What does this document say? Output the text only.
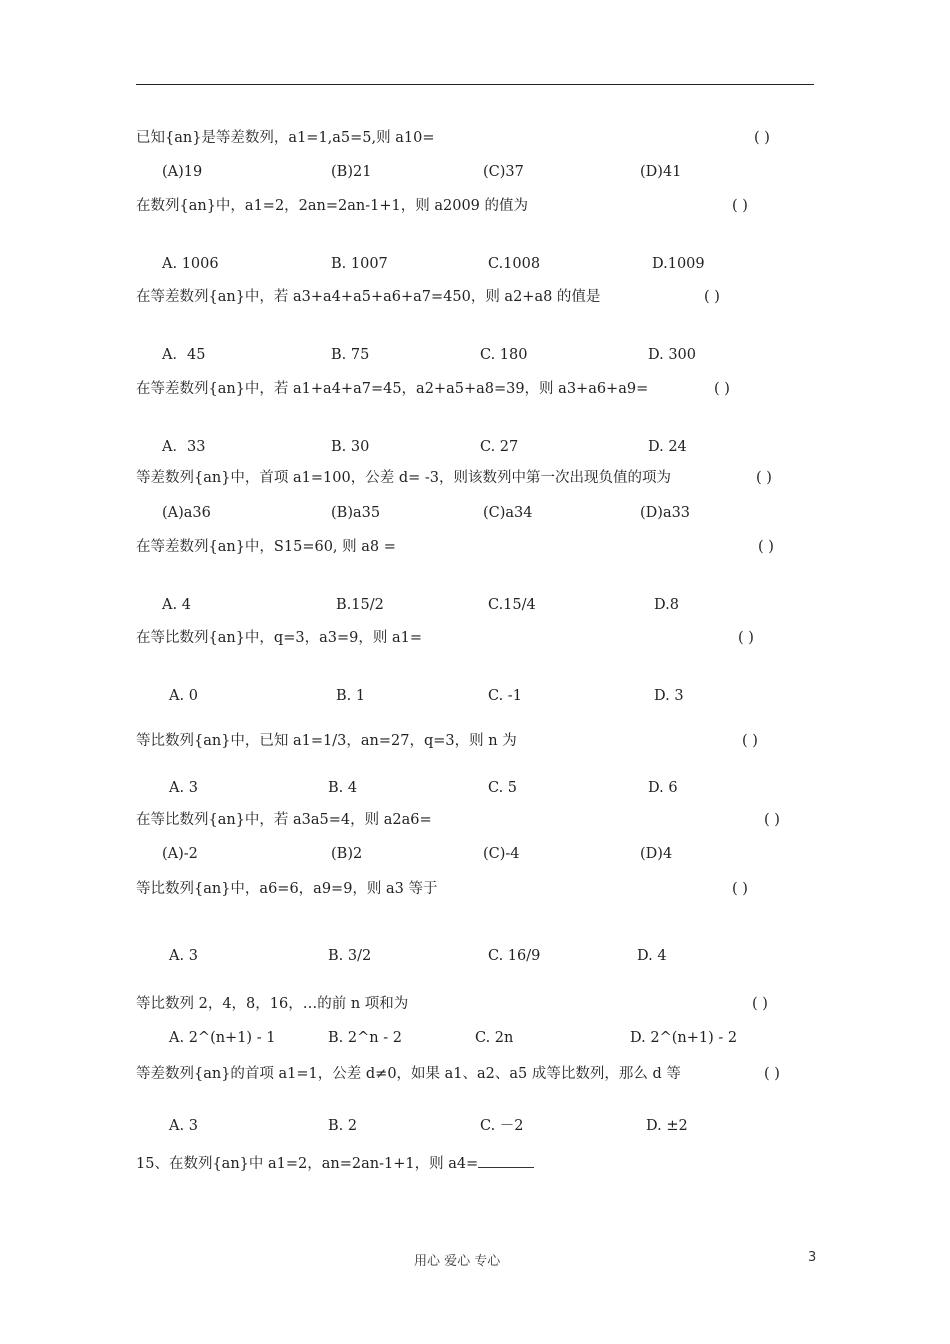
已知{an}是等差数列，a1=1,a5=5,则 a10=	( )
(A)19	(B)21	(C)37	(D)41
在数列{an}中，a1=2，2an=2an-1+1，则 a2009 的值为	( )
A. 1006	B. 1007	C.1008	D.1009
在等差数列{an}中，若 a3+a4+a5+a6+a7=450，则 a2+a8 的值是	( )
A．45	B. 75	C. 180	D. 300
在等差数列{an}中，若 a1+a4+a7=45，a2+a5+a8=39，则 a3+a6+a9=	( )
A．33	B. 30	C. 27	D. 24
等差数列{an}中，首项 a1=100，公差 d= -3，则该数列中第一次出现负值的项为	( )
(A)a36	(B)a35	(C)a34	(D)a33
在等差数列{an}中，S15=60, 则 a8 =	( )
A. 4	B.15/2	C.15/4	D.8
在等比数列{an}中，q=3，a3=9，则 a1=	( )
A. 0	B. 1	C. -1	D. 3
等比数列{an}中，已知 a1=1/3，an=27，q=3，则 n 为	( )
A. 3	B. 4	C. 5	D. 6
在等比数列{an}中，若 a3a5=4，则 a2a6=	( )
(A)-2	(B)2	(C)-4	(D)4
等比数列{an}中，a6=6，a9=9，则 a3 等于	( )
A. 3	B. 3/2	C. 16/9	D. 4
等比数列 2，4，8，16，…的前 n 项和为	( )
A. 2^(n+1) - 1	B. 2^n - 2	C. 2n	D. 2^(n+1) - 2
等差数列{an}的首项 a1=1，公差 d≠0，如果 a1、a2、a5 成等比数列，那么 d 等	( )
A. 3	B. 2	C. －2	D. ±2
15、在数列{an}中 a1=2，an=2an-1+1，则 a4=
用心 爱心 专心	3
